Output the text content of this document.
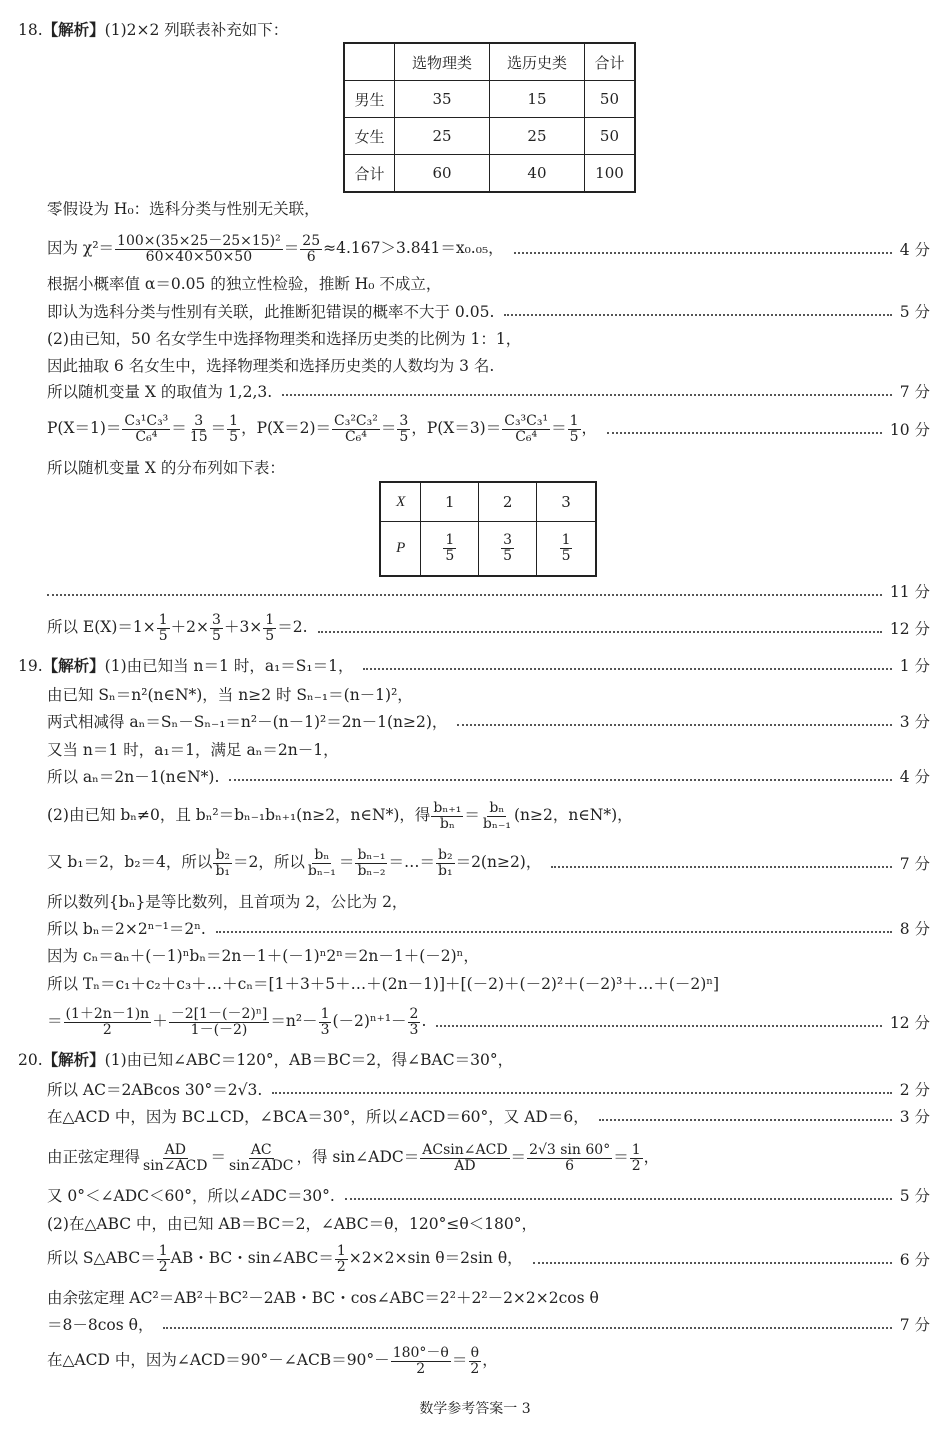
18.【解析】(1)2×2 列联表补充如下：
	选物理类	选历史类	合计
男生	35	15	50
女生	25	25	50
合计	60	40	100
零假设为 H₀：选科分类与性别无关联，
因为 $\chi^2= \frac{\text{100×(35×25－25×15)²}}{60\times 40\times 50\times 50} = \frac{25}{6} \approx 4.167>3.841=x_0._{05}$，	4 分
根据小概率值 α＝0.05 的独立性检验，推断 H₀ 不成立，
即认为选科分类与性别有关联，此推断犯错误的概率不大于 0.05.	5 分
(2)由已知，50 名女学生中选择物理类和选择历史类的比例为 1：1，
因此抽取 6 名女生中，选择物理类和选择历史类的人数均为 3 名.
所以随机变量 X 的取值为 1,2,3.	7 分
$P(X=1)= \frac{\text{C₃¹C₃³}}{\text{C₆⁴}} = \frac{3}{15} = \frac{1}{5}$ ，$P(X=2)= \frac{\text{C₃²C₃²}}{\text{C₆⁴}} = \frac{3}{5}$ ，$P(X=3)= \frac{\text{C₃³C₃¹}}{\text{C₆⁴}} = \frac{1}{5}$ ，	10 分
所以随机变量 X 的分布列如下表：
X	1	2	3
P	$\frac{1}{5}$	$\frac{3}{5}$	$\frac{1}{5}$
11 分
所以 $E(X)=1\times \frac{1}{5} +2\times \frac{3}{5} +3\times \frac{1}{5} =2$.	12 分
19.【解析】(1)由已知当 n＝1 时，a₁＝S₁＝1，	1 分
由已知 Sₙ＝n²(n∈N*)，当 n≥2 时 Sₙ₋₁＝(n－1)²，
两式相减得 aₙ＝Sₙ－Sₙ₋₁＝n²－(n－1)²＝2n－1(n≥2)，	3 分
又当 n＝1 时，a₁＝1，满足 aₙ＝2n－1，
所以 aₙ＝2n－1(n∈N*).	4 分
(2)由已知 bₙ≠0，且 bₙ²＝bₙ₋₁bₙ₊₁(n≥2，n∈N*)，得 $\frac{\text{bₙ₊₁}}{\text{bₙ}} = \frac{\text{bₙ}}{\text{bₙ₋₁}} (n\ge 2$，n∈N*)，
又 b₁＝2，b₂＝4，所以 $\frac{\text{b₂}}{\text{b₁}} =2$，所以 $\frac{\text{bₙ}}{\text{bₙ₋₁}} = \frac{\text{bₙ₋₁}}{\text{bₙ₋₂}}$ ＝…＝ $\frac{\text{b₂}}{\text{b₁}} =2(n\ge 2)$，	7 分
所以数列{bₙ}是等比数列，且首项为 2，公比为 2，
所以 bₙ＝2×2ⁿ⁻¹＝2ⁿ.	8 分
因为 cₙ＝aₙ＋(－1)ⁿbₙ＝2n－1＋(－1)ⁿ2ⁿ＝2n－1＋(－2)ⁿ，
所以 Tₙ＝c₁＋c₂＋c₃＋…＋cₙ＝[1＋3＋5＋…＋(2n－1)]＋[(－2)＋(－2)²＋(－2)³＋…＋(－2)ⁿ]
＝ $\frac{(1+2n-1)n}{2} + \frac{\text{－2[1－(－2)ⁿ]}}{1-(-2)} =n^2- \frac{1}{3} (-2)^{n+1}- \frac{2}{3}$ .	12 分
20.【解析】(1)由已知∠ABC＝120°，AB＝BC＝2，得∠BAC＝30°，
所以 AC＝2ABcos 30°＝2√3.	2 分
在△ACD 中，因为 BC⊥CD，∠BCA＝30°，所以∠ACD＝60°，又 AD＝6，	3 分
由正弦定理得 $\frac{AD}{\text{sin∠ACD}} = \frac{AC}{\text{sin∠ADC}}$ ，得 sin∠ADC＝ $\frac{\text{ACsin∠ACD}}{AD} = \frac{2√3 \sin 60^\circ}{6} = \frac{1}{2}$ ，
又 0°＜∠ADC＜60°，所以∠ADC＝30°.	5 分
(2)在△ABC 中，由已知 AB＝BC＝2，∠ABC＝θ，120°≤θ＜180°，
所以 S△ABC＝ $\frac{1}{2}$ AB・BC・sin∠ABC＝ $\frac{1}{2} \times 2\times 2\times\sin$ θ＝2sin θ，	6 分
由余弦定理 AC²＝AB²＋BC²－2AB・BC・cos∠ABC＝2²＋2²－2×2×2cos θ
＝8－8cos θ，	7 分
在△ACD 中，因为∠ACD＝90°－∠ACB＝90°－ $\frac{180^\circ-\theta}{2} = \frac{\theta}{2}$ ，
数学参考答案一 3
